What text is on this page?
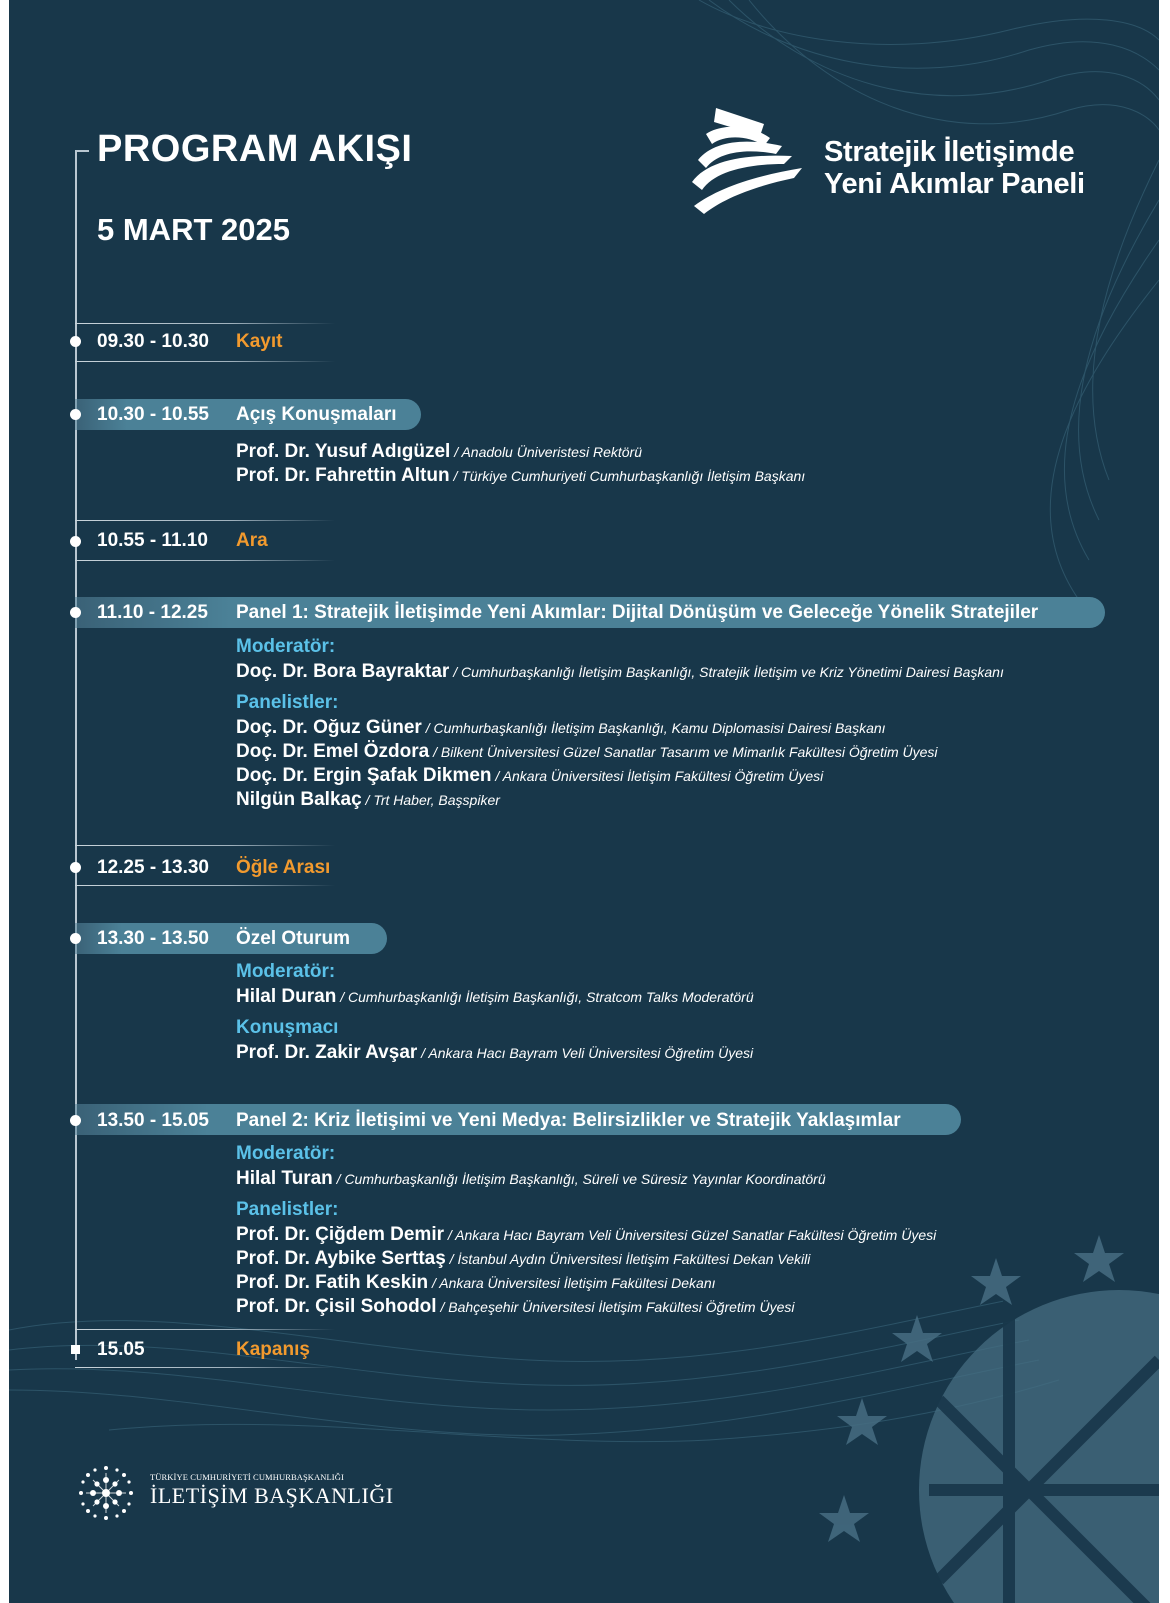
PROGRAM AKIŞI
5 MART 2025
Stratejik İletişimde
Yeni Akımlar Paneli
09.30 - 10.30 Kayıt
10.30 - 10.55 Açış Konuşmaları
Prof. Dr. Yusuf Adıgüzel / Anadolu Üniveristesi Rektörü
Prof. Dr. Fahrettin Altun / Türkiye Cumhuriyeti Cumhurbaşkanlığı İletişim Başkanı
10.55 - 11.10 Ara
11.10 - 12.25 Panel 1: Stratejik İletişimde Yeni Akımlar: Dijital Dönüşüm ve Geleceğe Yönelik Stratejiler
Moderatör:
Doç. Dr. Bora Bayraktar / Cumhurbaşkanlığı İletişim Başkanlığı, Stratejik İletişim ve Kriz Yönetimi Dairesi Başkanı
Panelistler:
Doç. Dr. Oğuz Güner / Cumhurbaşkanlığı İletişim Başkanlığı, Kamu Diplomasisi Dairesi Başkanı
Doç. Dr. Emel Özdora / Bilkent Üniversitesi Güzel Sanatlar Tasarım ve Mimarlık Fakültesi Öğretim Üyesi
Doç. Dr. Ergin Şafak Dikmen / Ankara Üniversitesi İletişim Fakültesi Öğretim Üyesi
Nilgün Balkaç / Trt Haber, Başspiker
12.25 - 13.30 Öğle Arası
13.30 - 13.50 Özel Oturum
Moderatör:
Hilal Duran / Cumhurbaşkanlığı İletişim Başkanlığı, Stratcom Talks Moderatörü
Konuşmacı
Prof. Dr. Zakir Avşar / Ankara Hacı Bayram Veli Üniversitesi Öğretim Üyesi
13.50 - 15.05 Panel 2: Kriz İletişimi ve Yeni Medya: Belirsizlikler ve Stratejik Yaklaşımlar
Moderatör:
Hilal Turan / Cumhurbaşkanlığı İletişim Başkanlığı, Süreli ve Süresiz Yayınlar Koordinatörü
Panelistler:
Prof. Dr. Çiğdem Demir / Ankara Hacı Bayram Veli Üniversitesi Güzel Sanatlar Fakültesi Öğretim Üyesi
Prof. Dr. Aybike Serttaş / İstanbul Aydın Üniversitesi İletişim Fakültesi Dekan Vekili
Prof. Dr. Fatih Keskin / Ankara Üniversitesi İletişim Fakültesi Dekanı
Prof. Dr. Çisil Sohodol / Bahçeşehir Üniversitesi İletişim Fakültesi Öğretim Üyesi
15.05	Kapanış
TÜRKİYE CUMHURİYETİ CUMHURBAŞKANLIĞI
İLETİŞİM BAŞKANLIĞI
